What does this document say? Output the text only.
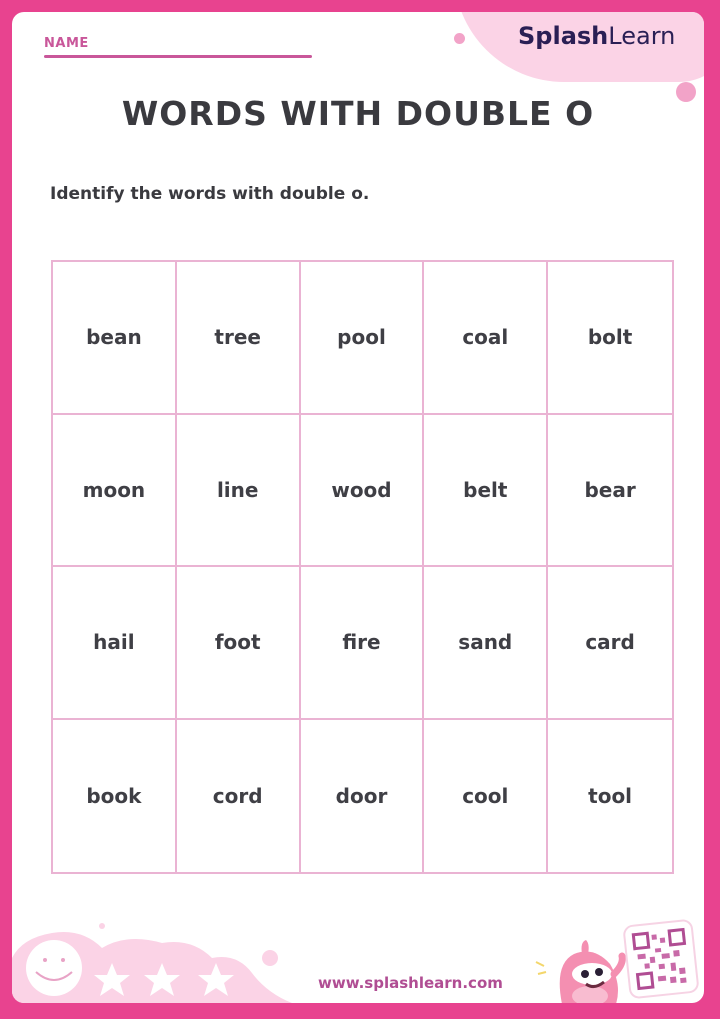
NAME	SplashLearn
WORDS WITH DOUBLE O
Identify the words with double o.
bean	tree	pool	coal	bolt
moon	line	wood	belt	bear
hail	foot	fire	sand	card
book	cord	door	cool	tool
www.splashlearn.com
